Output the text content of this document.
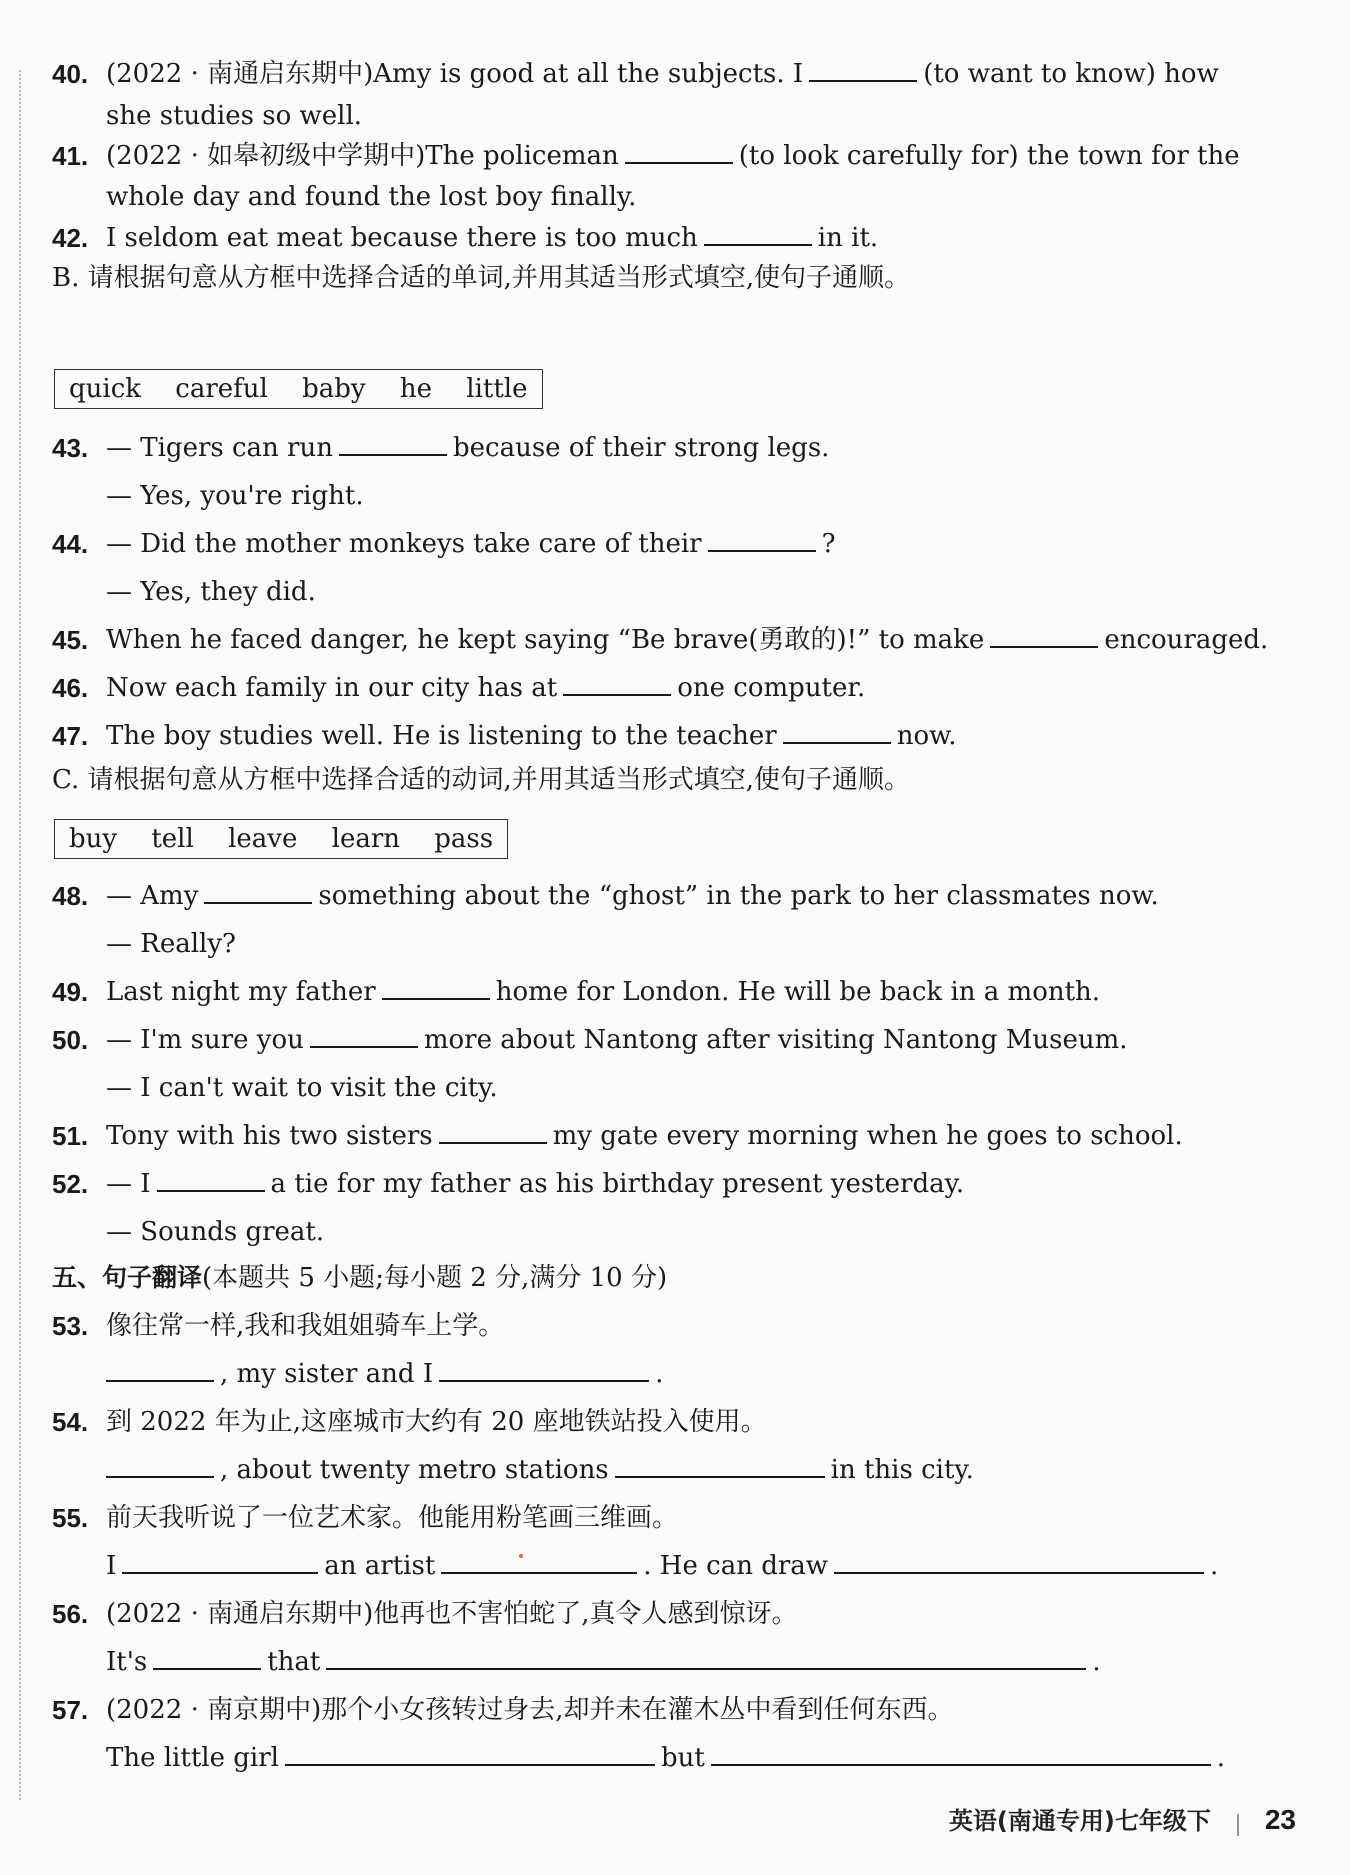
40. (2022 · 南通启东期中)Amy is good at all the subjects. I	(to want to know) how
she studies so well.
41. (2022 · 如皋初级中学期中)The policeman	(to look carefully for) the town for the
whole day and found the lost boy finally.
42. I seldom eat meat because there is too much	in it.
B. 请根据句意从方框中选择合适的单词,并用其适当形式填空,使句子通顺。
quick careful baby he little
43. — Tigers can run	because of their strong legs.
— Yes, you're right.
44. — Did the mother monkeys take care of their	?
— Yes, they did.
45. When he faced danger, he kept saying “Be brave(勇敢的)!” to make	encouraged.
46. Now each family in our city has at	one computer.
47. The boy studies well. He is listening to the teacher	now.
C. 请根据句意从方框中选择合适的动词,并用其适当形式填空,使句子通顺。
buy tell leave learn pass
48. — Amy	something about the “ghost” in the park to her classmates now.
— Really?
49. Last night my father	home for London. He will be back in a month.
50. — I'm sure you	more about Nantong after visiting Nantong Museum.
— I can't wait to visit the city.
51. Tony with his two sisters	my gate every morning when he goes to school.
52. — I	a tie for my father as his birthday present yesterday.
— Sounds great.
五、句子翻译(本题共 5 小题;每小题 2 分,满分 10 分)
53. 像往常一样,我和我姐姐骑车上学。
, my sister and I	.
54. 到 2022 年为止,这座城市大约有 20 座地铁站投入使用。
, about twenty metro stations	in this city.
55. 前天我听说了一位艺术家。他能用粉笔画三维画。
I	an artist	. He can draw	.
56. (2022 · 南通启东期中)他再也不害怕蛇了,真令人感到惊讶。
It's	that	.
57. (2022 · 南京期中)那个小女孩转过身去,却并未在灌木丛中看到任何东西。
The little girl	but	.
英语(南通专用)七年级下 23
